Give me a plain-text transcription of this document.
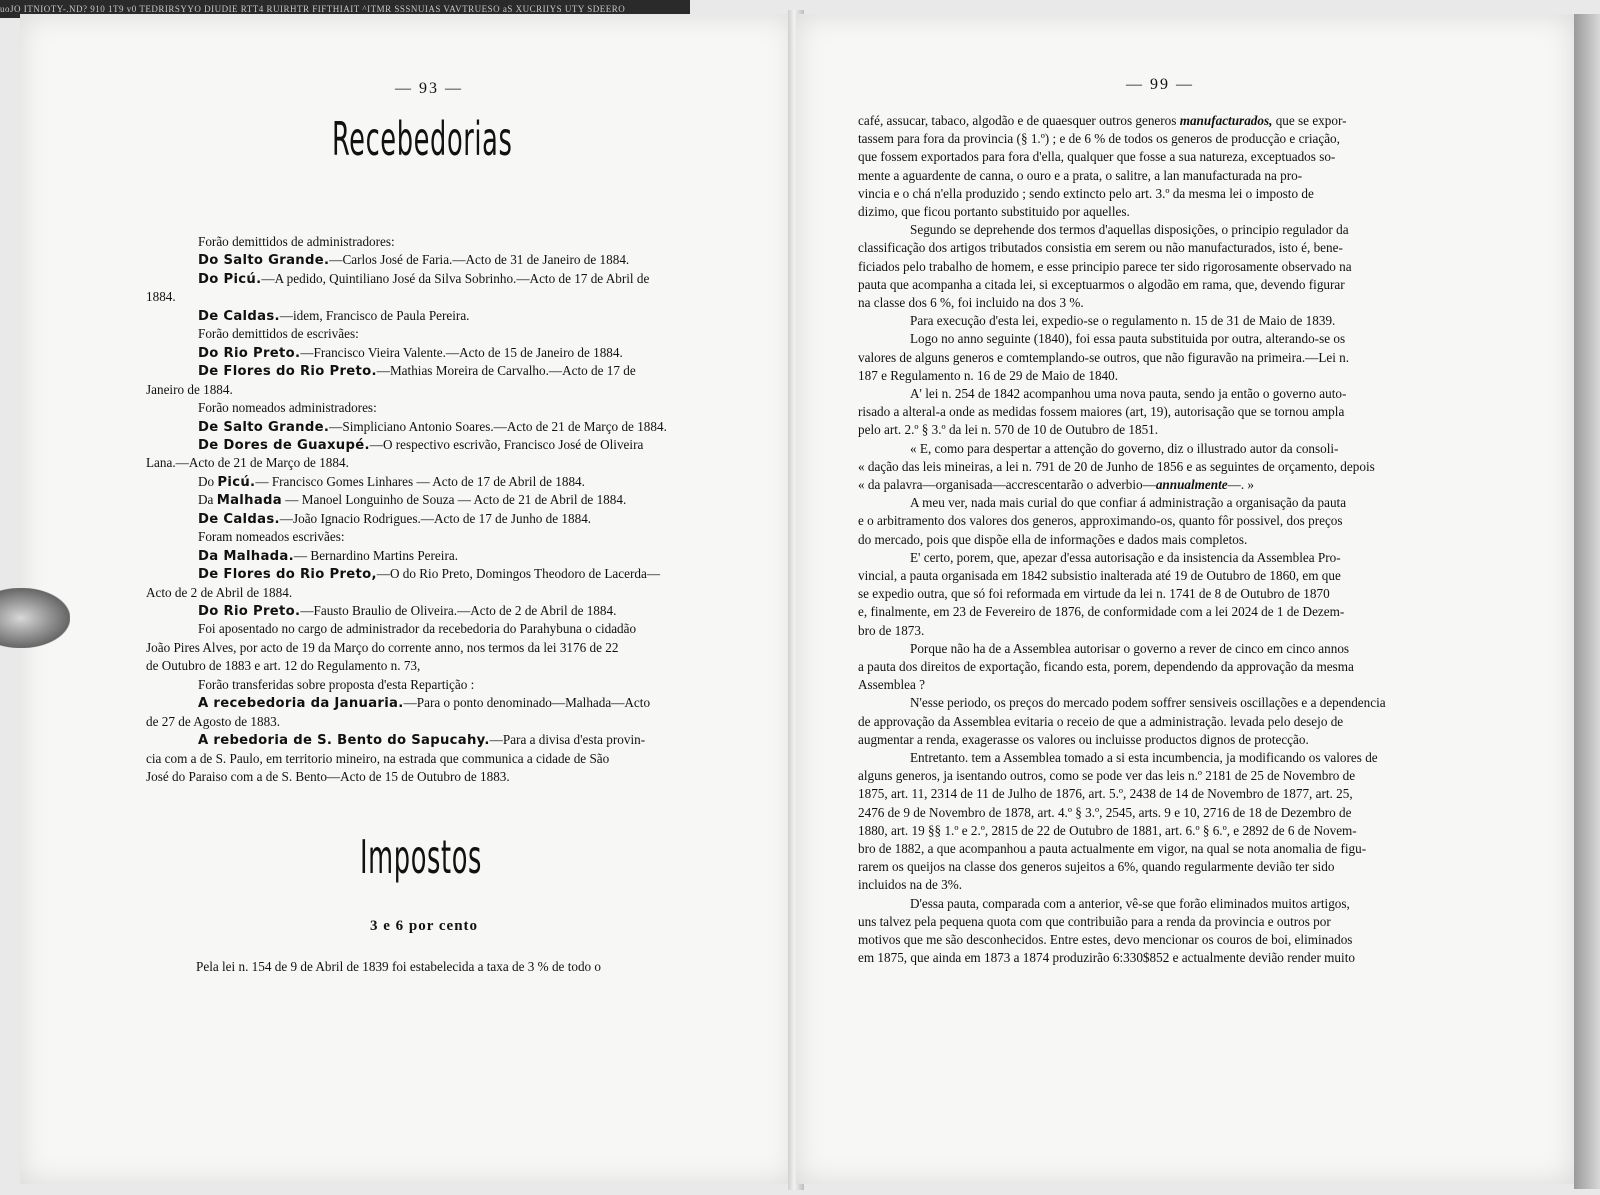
uoJO ITNIOTY-.ND? 910 1T9 v0 TEDRIRSYYO DIUDIE RTT4 RUIRHTR FIFTHIAIT ^ITMR SSSNUIAS VAVTRUESO aS XUCRIIYS UTY SDEERO
— 93 —
Recebedorias
Forão demittidos de administradores:
Do Salto Grande.—Carlos José de Faria.—Acto de 31 de Janeiro de 1884.
Do Picú.—A pedido, Quintiliano José da Silva Sobrinho.—Acto de 17 de Abril de
1884.
De Caldas.—idem, Francisco de Paula Pereira.
Forão demittidos de escrivães:
Do Rio Preto.—Francisco Vieira Valente.—Acto de 15 de Janeiro de 1884.
De Flores do Rio Preto.—Mathias Moreira de Carvalho.—Acto de 17 de
Janeiro de 1884.
Forão nomeados administradores:
De Salto Grande.—Simpliciano Antonio Soares.—Acto de 21 de Março de 1884.
De Dores de Guaxupé.—O respectivo escrivão, Francisco José de Oliveira
Lana.—Acto de 21 de Março de 1884.
Do Picú.— Francisco Gomes Linhares — Acto de 17 de Abril de 1884.
Da Malhada — Manoel Longuinho de Souza — Acto de 21 de Abril de 1884.
De Caldas.—João Ignacio Rodrigues.—Acto de 17 de Junho de 1884.
Foram nomeados escrivães:
Da Malhada.— Bernardino Martins Pereira.
De Flores do Rio Preto,—O do Rio Preto, Domingos Theodoro de Lacerda—
Acto de 2 de Abril de 1884.
Do Rio Preto.—Fausto Braulio de Oliveira.—Acto de 2 de Abril de 1884.
Foi aposentado no cargo de administrador da recebedoria do Parahybuna o cidadão
João Pires Alves, por acto de 19 da Março do corrente anno, nos termos da lei 3176 de 22
de Outubro de 1883 e art. 12 do Regulamento n. 73,
Forão transferidas sobre proposta d'esta Repartição :
A recebedoria da Januaria.—Para o ponto denominado—Malhada—Acto
de 27 de Agosto de 1883.
A rebedoria de S. Bento do Sapucahy.—Para a divisa d'esta provin-
cia com a de S. Paulo, em territorio mineiro, na estrada que communica a cidade de São
José do Paraiso com a de S. Bento—Acto de 15 de Outubro de 1883.
Impostos
3 e 6 por cento
Pela lei n. 154 de 9 de Abril de 1839 foi estabelecida a taxa de 3 % de todo o
— 99 —
café, assucar, tabaco, algodão e de quaesquer outros generos manufacturados, que se expor-
tassem para fora da provincia (§ 1.º) ; e de 6 % de todos os generos de producção e criação,
que fossem exportados para fora d'ella, qualquer que fosse a sua natureza, exceptuados so-
mente a aguardente de canna, o ouro e a prata, o salitre, a lan manufacturada na pro-
vincia e o chá n'ella produzido ; sendo extincto pelo art. 3.º da mesma lei o imposto de
dizimo, que ficou portanto substituido por aquelles.
Segundo se deprehende dos termos d'aquellas disposições, o principio regulador da
classificação dos artigos tributados consistia em serem ou não manufacturados, isto é, bene-
ficiados pelo trabalho de homem, e esse principio parece ter sido rigorosamente observado na
pauta que acompanha a citada lei, si exceptuarmos o algodão em rama, que, devendo figurar
na classe dos 6 %, foi incluido na dos 3 %.
Para execução d'esta lei, expedio-se o regulamento n. 15 de 31 de Maio de 1839.
Logo no anno seguinte (1840), foi essa pauta substituida por outra, alterando-se os
valores de alguns generos e comtemplando-se outros, que não figuravão na primeira.—Lei n.
187 e Regulamento n. 16 de 29 de Maio de 1840.
A' lei n. 254 de 1842 acompanhou uma nova pauta, sendo ja então o governo auto-
risado a alteral-a onde as medidas fossem maiores (art, 19), autorisação que se tornou ampla
pelo art. 2.º § 3.º da lei n. 570 de 10 de Outubro de 1851.
« E, como para despertar a attenção do governo, diz o illustrado autor da consoli-
« dação das leis mineiras, a lei n. 791 de 20 de Junho de 1856 e as seguintes de orçamento, depois
« da palavra—organisada—accrescentarão o adverbio—annualmente—. »
A meu ver, nada mais curial do que confiar á administração a organisação da pauta
e o arbitramento dos valores dos generos, approximando-os, quanto fôr possivel, dos preços
do mercado, pois que dispõe ella de informações e dados mais completos.
E' certo, porem, que, apezar d'essa autorisação e da insistencia da Assemblea Pro-
vincial, a pauta organisada em 1842 subsistio inalterada até 19 de Outubro de 1860, em que
se expedio outra, que só foi reformada em virtude da lei n. 1741 de 8 de Outubro de 1870
e, finalmente, em 23 de Fevereiro de 1876, de conformidade com a lei 2024 de 1 de Dezem-
bro de 1873.
Porque não ha de a Assemblea autorisar o governo a rever de cinco em cinco annos
a pauta dos direitos de exportação, ficando esta, porem, dependendo da approvação da mesma
Assemblea ?
N'esse periodo, os preços do mercado podem soffrer sensiveis oscillações e a dependencia
de approvação da Assemblea evitaria o receio de que a administração. levada pelo desejo de
augmentar a renda, exagerasse os valores ou incluisse productos dignos de protecção.
Entretanto. tem a Assemblea tomado a si esta incumbencia, ja modificando os valores de
alguns generos, ja isentando outros, como se pode ver das leis n.º 2181 de 25 de Novembro de
1875, art. 11, 2314 de 11 de Julho de 1876, art. 5.º, 2438 de 14 de Novembro de 1877, art. 25,
2476 de 9 de Novembro de 1878, art. 4.º § 3.º, 2545, arts. 9 e 10, 2716 de 18 de Dezembro de
1880, art. 19 §§ 1.º e 2.º, 2815 de 22 de Outubro de 1881, art. 6.º § 6.º, e 2892 de 6 de Novem-
bro de 1882, a que acompanhou a pauta actualmente em vigor, na qual se nota anomalia de figu-
rarem os queijos na classe dos generos sujeitos a 6%, quando regularmente devião ter sido
incluidos na de 3%.
D'essa pauta, comparada com a anterior, vê-se que forão eliminados muitos artigos,
uns talvez pela pequena quota com que contribuião para a renda da provincia e outros por
motivos que me são desconhecidos. Entre estes, devo mencionar os couros de boi, eliminados
em 1875, que ainda em 1873 a 1874 produzirão 6:330$852 e actualmente devião render muito
